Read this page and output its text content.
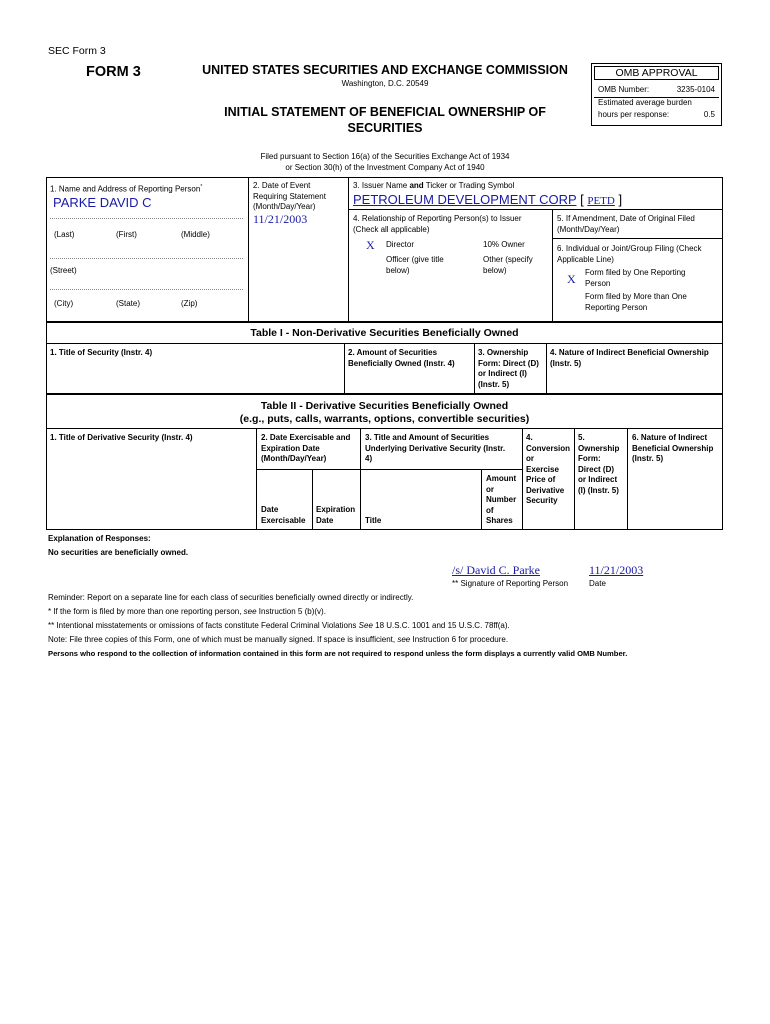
SEC Form 3
FORM 3	UNITED STATES SECURITIES AND EXCHANGE COMMISSION
Washington, D.C. 20549
INITIAL STATEMENT OF BENEFICIAL OWNERSHIP OF
SECURITIES
OMB APPROVAL
OMB Number:	3235-0104
Estimated average burden
hours per response:	0.5
Filed pursuant to Section 16(a) of the Securities Exchange Act of 1934
or Section 30(h) of the Investment Company Act of 1940
1. Name and Address of Reporting Person*
PARKE DAVID C
(Last)	(First)	(Middle)
(Street)
(City)	(State)	(Zip)
2. Date of Event
Requiring Statement
(Month/Day/Year)
11/21/2003
3. Issuer Name and Ticker or Trading Symbol
PETROLEUM DEVELOPMENT CORP [ PETD ]
4. Relationship of Reporting Person(s) to Issuer
(Check all applicable)
X Director	10% Owner
Officer (give title
below)
Other (specify
below)
5. If Amendment, Date of Original Filed
(Month/Day/Year)
6. Individual or Joint/Group Filing (Check
Applicable Line)
X Form filed by One Reporting
Person
Form filed by More than One
Reporting Person
Table I - Non-Derivative Securities Beneficially Owned
1. Title of Security (Instr. 4)	2. Amount of Securities
Beneficially Owned (Instr. 4)
3. Ownership
Form: Direct (D)
or Indirect (I)
(Instr. 5)
4. Nature of Indirect Beneficial Ownership
(Instr. 5)
Table II - Derivative Securities Beneficially Owned
(e.g., puts, calls, warrants, options, convertible securities)
1. Title of Derivative Security (Instr. 4)	2. Date Exercisable and
Expiration Date
(Month/Day/Year)
Date
Exercisable
Expiration
Date
3. Title and Amount of Securities
Underlying Derivative Security (Instr.
4)
Title
Amount
or
Number
of
Shares
4.
Conversion
or
Exercise
Price of
Derivative
Security
5.
Ownership
Form:
Direct (D)
or Indirect
(I) (Instr. 5)
6. Nature of Indirect
Beneficial Ownership
(Instr. 5)
Explanation of Responses:
No securities are beneficially owned.
/s/ David C. Parke	11/21/2003
** Signature of Reporting Person	Date
Reminder: Report on a separate line for each class of securities beneficially owned directly or indirectly.
* If the form is filed by more than one reporting person, see Instruction 5 (b)(v).
** Intentional misstatements or omissions of facts constitute Federal Criminal Violations See 18 U.S.C. 1001 and 15 U.S.C. 78ff(a).
Note: File three copies of this Form, one of which must be manually signed. If space is insufficient, see Instruction 6 for procedure.
Persons who respond to the collection of information contained in this form are not required to respond unless the form displays a currently valid OMB Number.
